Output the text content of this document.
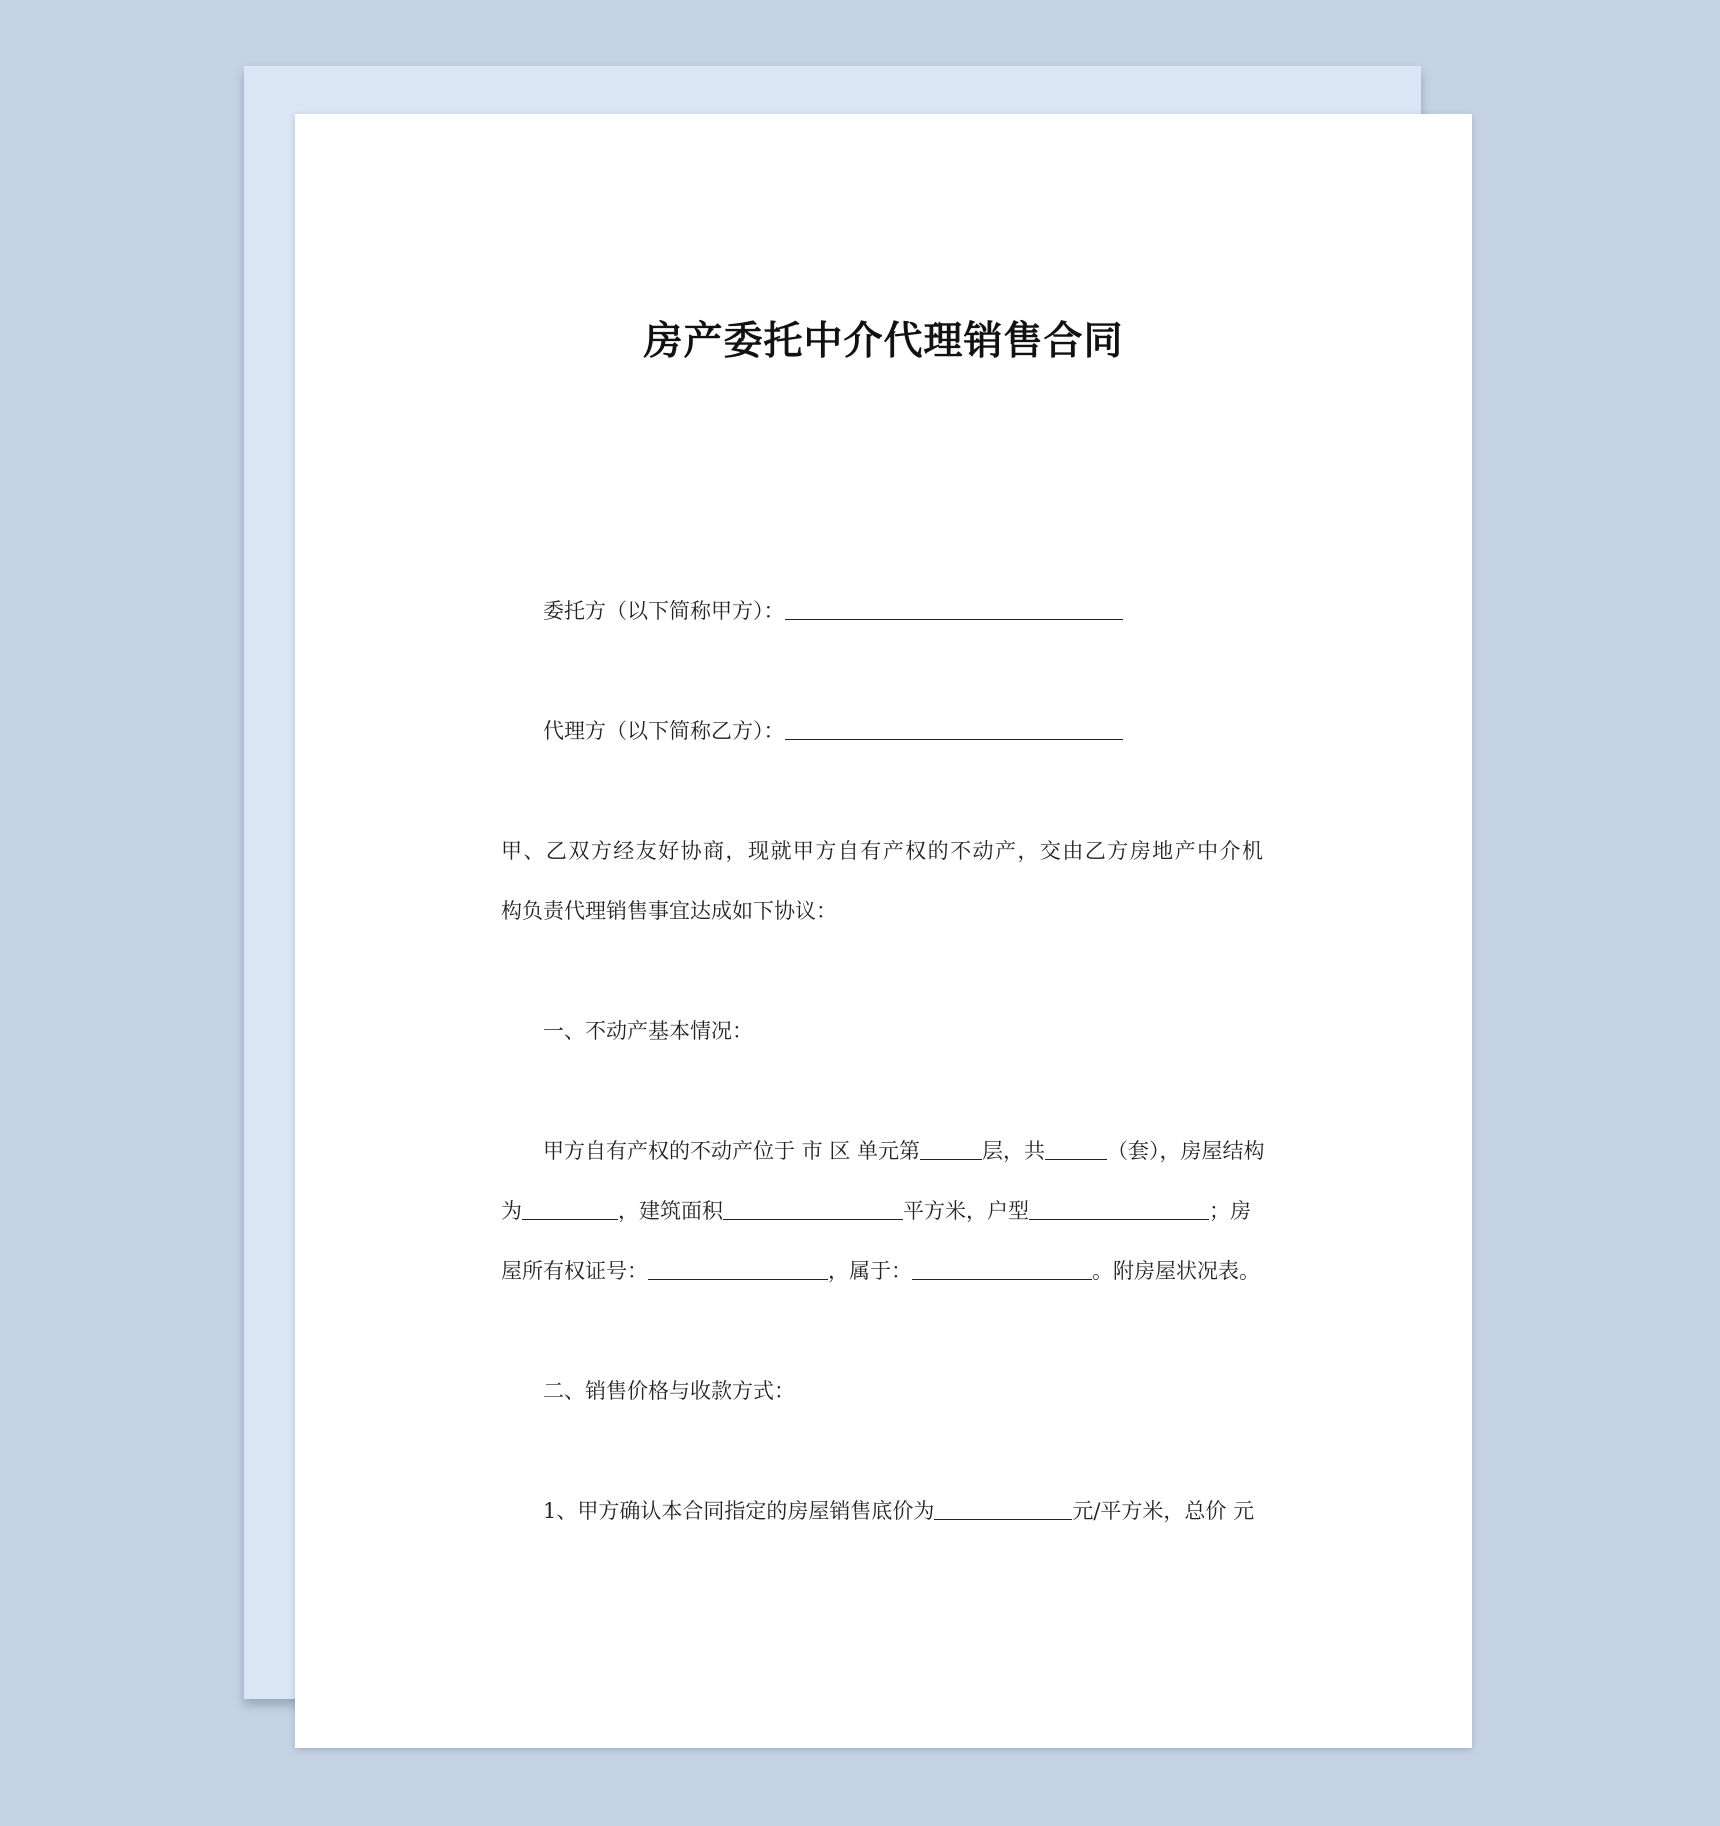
房产委托中介代理销售合同
委托方（以下简称甲方）：
代理方（以下简称乙方）：
甲、乙双方经友好协商，现就甲方自有产权的不动产，交由乙方房地产中介机
构负责代理销售事宜达成如下协议：
一、不动产基本情况：
甲方自有产权的不动产位于 市 区 单元第	层，共	（套），房屋结构
为	，建筑面积	平方米，户型	；房
屋所有权证号：	，属于：	。附房屋状况表。
二、销售价格与收款方式：
1、甲方确认本合同指定的房屋销售底价为	元/平方米，总价 元
